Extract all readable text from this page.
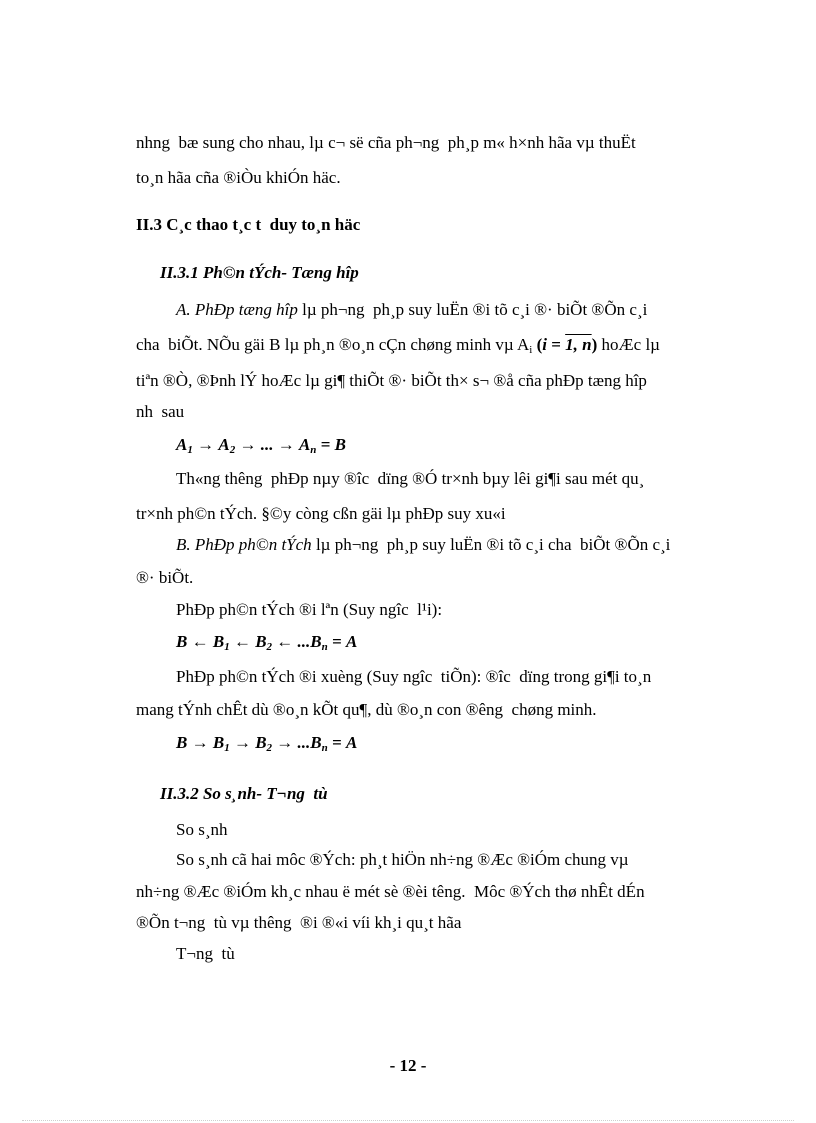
nhng  bæ sung cho nhau, lµ c¬ së cña ph¬ng  ph¸p m« h×nh hãa vµ thuËt
to¸n hãa cña ®iÒu khiÓn häc.
II.3 C¸c thao t¸c t  duy to¸n häc
II.3.1 Ph©n tÝch- Tæng hîp
A. PhÐp tæng hîp lµ ph¬ng  ph¸p suy luËn ®i tõ c¸i ®· biÕt ®Õn c¸i
cha  biÕt. NÕu gäi B lµ ph¸n ®o¸n cÇn chøng minh vµ $A_i$ (i = 1, n) hoÆc lµ
tiªn ®Ò, ®Þnh lÝ hoÆc lµ gi¶ thiÕt ®· biÕt th× s¬ ®å cña phÐp tæng hîp
nh  sau
$A_1 \to A_2$ → ... → $A_n = B$
Th«ng thêng  phÐp nµy ®îc  dïng ®Ó tr×nh bµy lêi gi¶i sau mét qu¸
tr×nh ph©n tÝch. §©y còng cßn gäi lµ phÐp suy xu«i
B. PhÐp ph©n tÝch lµ ph¬ng  ph¸p suy luËn ®i tõ c¸i cha  biÕt ®Õn c¸i
®· biÕt.
PhÐp ph©n tÝch ®i lªn (Suy ngîc  l¹i):
B ← $B_1$ ← $B_2$ ← $...B_n = A$
PhÐp ph©n tÝch ®i xuèng (Suy ngîc  tiÕn): ®îc  dïng trong gi¶i to¸n
mang tÝnh chÊt dù ®o¸n kÕt qu¶, dù ®o¸n con ®êng  chøng minh.
$B \to B_1 \to B_2 \to ...B_n = A$
II.3.2 So s¸nh- T¬ng  tù
So s¸nh
So s¸nh cã hai môc ®Ých: ph¸t hiÖn nh÷ng ®Æc ®iÓm chung vµ
nh÷ng ®Æc ®iÓm kh¸c nhau ë mét sè ®èi têng.  Môc ®Ých thø nhÊt dÉn
®Õn t¬ng  tù vµ thêng  ®i ®«i víi kh¸i qu¸t hãa
T¬ng  tù
- 12 -
